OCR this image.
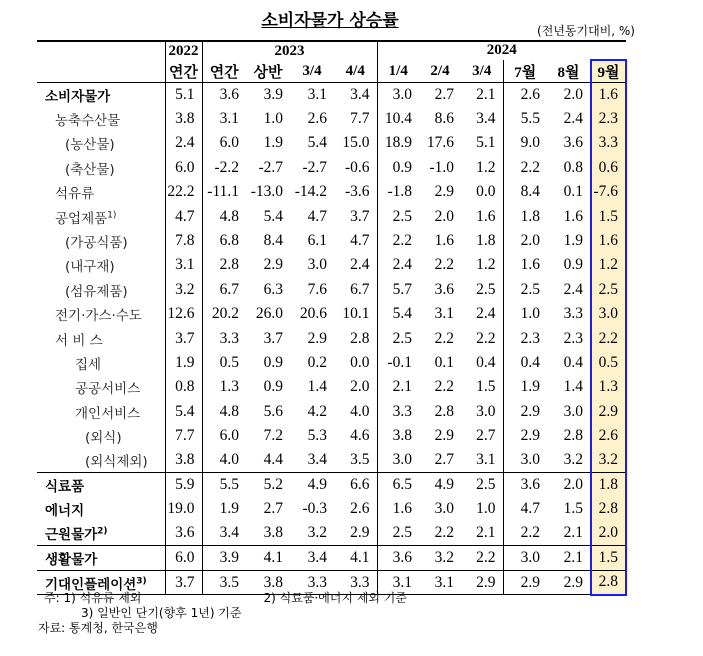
소비자물가 상승률	(전년동기대비, %)
	2022	2023				2024					
	연간	연간	상반	3/4	4/4	1/4	2/4	3/4	7월	8월	9월
소비자물가	5.1	3.6	3.9	3.1	3.4	3.0	2.7	2.1	2.6	2.0	1.6
농축수산물	3.8	3.1	1.0	2.6	7.7	10.4	8.6	3.4	5.5	2.4	2.3
(농산물)	2.4	6.0	1.9	5.4	15.0	18.9	17.6	5.1	9.0	3.6	3.3
(축산물)	6.0	-2.2	-2.7	-2.7	-0.6	0.9	-1.0	1.2	2.2	0.8	0.6
석유류	22.2	-11.1	-13.0	-14.2	-3.6	-1.8	2.9	0.0	8.4	0.1	-7.6
공업제품$^{1)}$	4.7	4.8	5.4	4.7	3.7	2.5	2.0	1.6	1.8	1.6	1.5
(가공식품)	7.8	6.8	8.4	6.1	4.7	2.2	1.6	1.8	2.0	1.9	1.6
(내구재)	3.1	2.8	2.9	3.0	2.4	2.4	2.2	1.2	1.6	0.9	1.2
(섬유제품)	3.2	6.7	6.3	7.6	6.7	5.7	3.6	2.5	2.5	2.4	2.5
전기·가스·수도	12.6	20.2	26.0	20.6	10.1	5.4	3.1	2.4	1.0	3.3	3.0
서 비 스	3.7	3.3	3.7	2.9	2.8	2.5	2.2	2.2	2.3	2.3	2.2
집세	1.9	0.5	0.9	0.2	0.0	-0.1	0.1	0.4	0.4	0.4	0.5
공공서비스	0.8	1.3	0.9	1.4	2.0	2.1	2.2	1.5	1.9	1.4	1.3
개인서비스	5.4	4.8	5.6	4.2	4.0	3.3	2.8	3.0	2.9	3.0	2.9
(외식)	7.7	6.0	7.2	5.3	4.6	3.8	2.9	2.7	2.9	2.8	2.6
(외식제외)	3.8	4.0	4.4	3.4	3.5	3.0	2.7	3.1	3.0	3.2	3.2
식료품	5.9	5.5	5.2	4.9	6.6	6.5	4.9	2.5	3.6	2.0	1.8
에너지	19.0	1.9	2.7	-0.3	2.6	1.6	3.0	1.0	4.7	1.5	2.8
근원물가$^{2)}$	3.6	3.4	3.8	3.2	2.9	2.5	2.2	2.1	2.2	2.1	2.0
생활물가	6.0	3.9	4.1	3.4	4.1	3.6	3.2	2.2	3.0	2.1	1.5
기대인플레이션$^{3)}$	3.7	3.5	3.8	3.3	3.3	3.1	3.1	2.9	2.9	2.9	2.8
주: 1) 석유류 제외	2) 식료품·에너지 제외 기준
3) 일반인 단기(향후 1년) 기준
자료: 통계청, 한국은행
